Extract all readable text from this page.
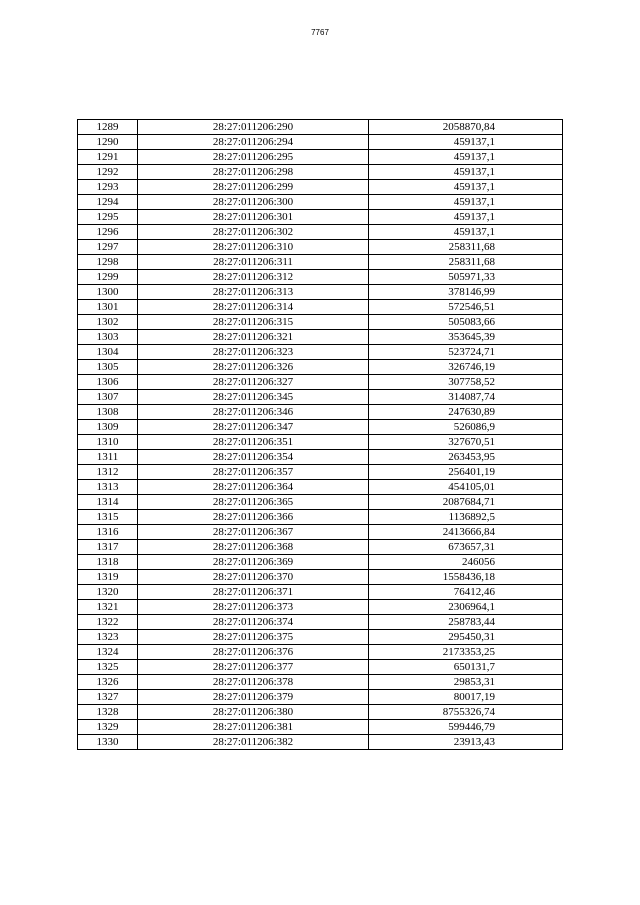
7767
1289	28:27:011206:290	2058870,84
1290	28:27:011206:294	459137,1
1291	28:27:011206:295	459137,1
1292	28:27:011206:298	459137,1
1293	28:27:011206:299	459137,1
1294	28:27:011206:300	459137,1
1295	28:27:011206:301	459137,1
1296	28:27:011206:302	459137,1
1297	28:27:011206:310	258311,68
1298	28:27:011206:311	258311,68
1299	28:27:011206:312	505971,33
1300	28:27:011206:313	378146,99
1301	28:27:011206:314	572546,51
1302	28:27:011206:315	505083,66
1303	28:27:011206:321	353645,39
1304	28:27:011206:323	523724,71
1305	28:27:011206:326	326746,19
1306	28:27:011206:327	307758,52
1307	28:27:011206:345	314087,74
1308	28:27:011206:346	247630,89
1309	28:27:011206:347	526086,9
1310	28:27:011206:351	327670,51
1311	28:27:011206:354	263453,95
1312	28:27:011206:357	256401,19
1313	28:27:011206:364	454105,01
1314	28:27:011206:365	2087684,71
1315	28:27:011206:366	1136892,5
1316	28:27:011206:367	2413666,84
1317	28:27:011206:368	673657,31
1318	28:27:011206:369	246056
1319	28:27:011206:370	1558436,18
1320	28:27:011206:371	76412,46
1321	28:27:011206:373	2306964,1
1322	28:27:011206:374	258783,44
1323	28:27:011206:375	295450,31
1324	28:27:011206:376	2173353,25
1325	28:27:011206:377	650131,7
1326	28:27:011206:378	29853,31
1327	28:27:011206:379	80017,19
1328	28:27:011206:380	8755326,74
1329	28:27:011206:381	599446,79
1330	28:27:011206:382	23913,43
